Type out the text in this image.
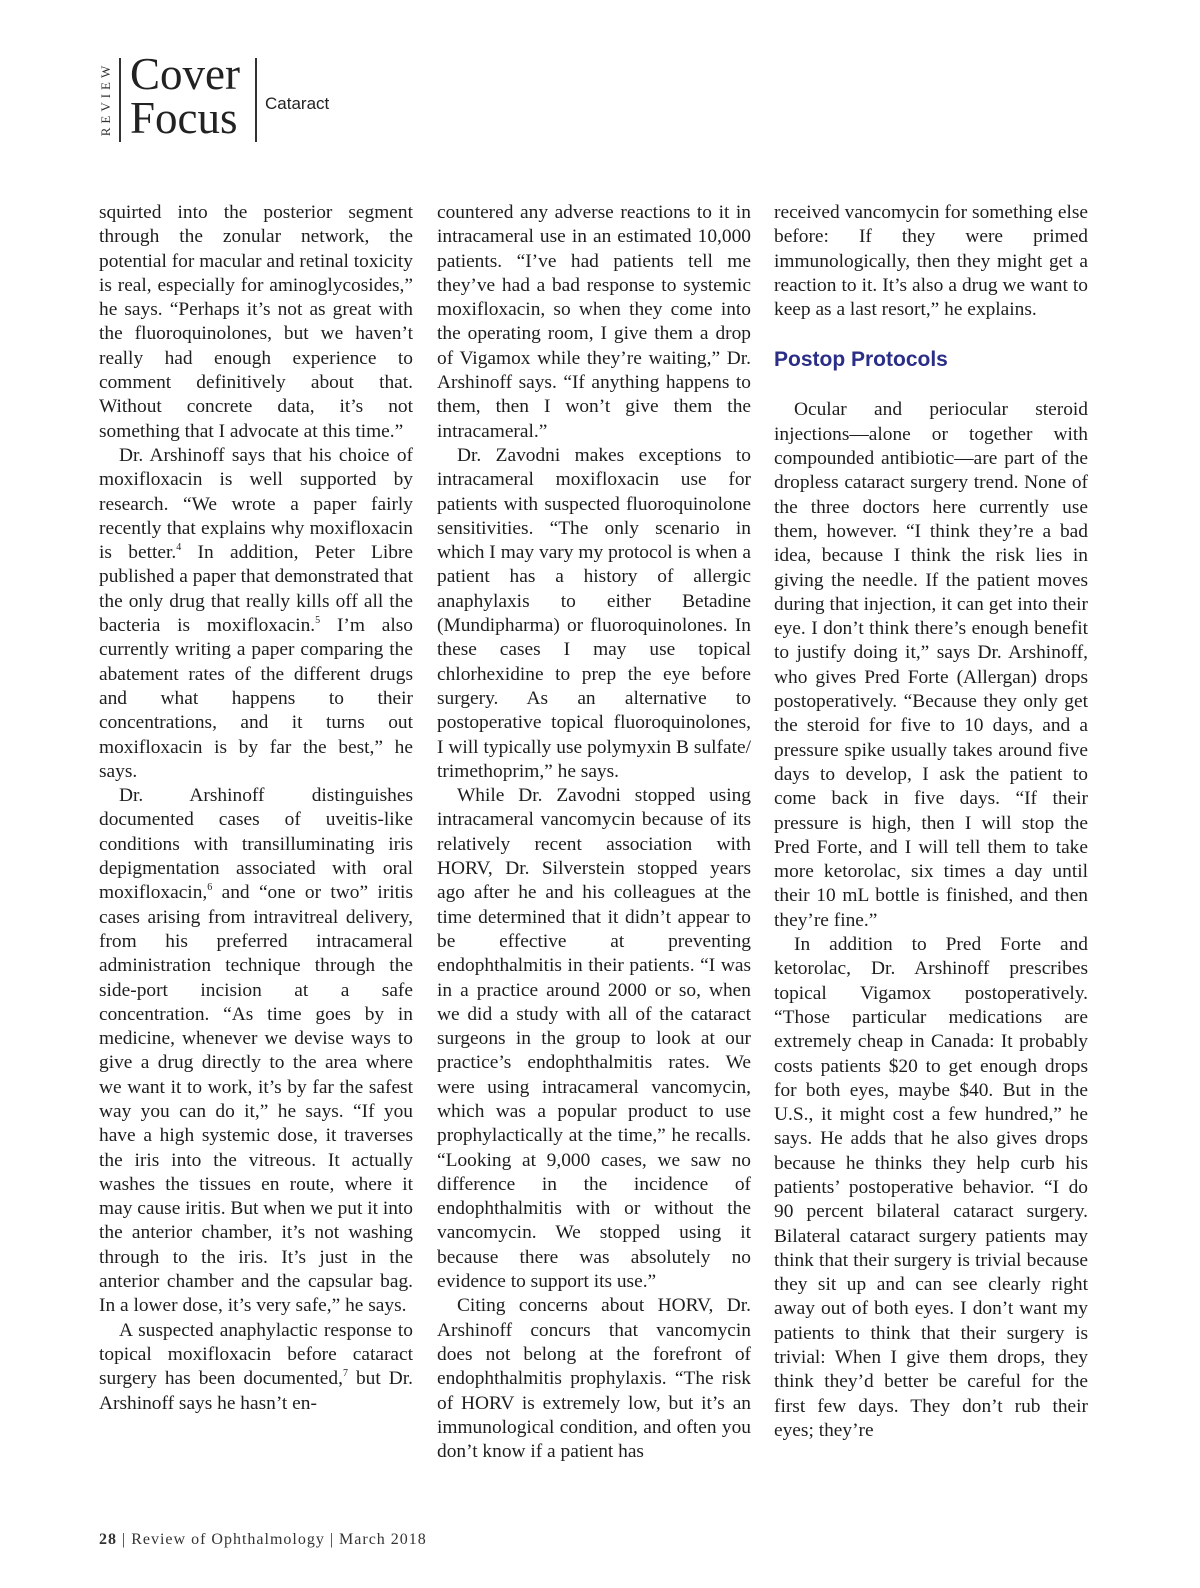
REVIEW Cover
Focus Cataract

squirted into the posterior segment through the zonular network, the potential for macular and retinal toxicity is real, especially for aminoglycosides,” he says. “Perhaps it’s not as great with the fluoroquinolones, but we haven’t really had enough experience to comment definitively about that. Without concrete data, it’s not something that I advocate at this time.”

Dr. Arshinoff says that his choice of moxifloxacin is well supported by research. “We wrote a paper fairly recently that explains why moxifloxacin is better.$^4$ In addition, Peter Libre published a paper that demonstrated that the only drug that really kills off all the bacteria is moxifloxacin.$^5$ I’m also currently writing a paper comparing the abatement rates of the different drugs and what happens to their concentrations, and it turns out moxifloxacin is by far the best,” he says.

Dr. Arshinoff distinguishes documented cases of uveitis-like conditions with transilluminating iris depigmentation associated with oral moxifloxacin,$^6$ and “one or two” iritis cases arising from intravitreal delivery, from his preferred intracameral administration technique through the side-port incision at a safe concentration. “As time goes by in medicine, whenever we devise ways to give a drug directly to the area where we want it to work, it’s by far the safest way you can do it,” he says. “If you have a high systemic dose, it traverses the iris into the vitreous. It actually washes the tissues en route, where it may cause iritis. But when we put it into the anterior chamber, it’s not washing through to the iris. It’s just in the anterior chamber and the capsular bag. In a lower dose, it’s very safe,” he says.

A suspected anaphylactic response to topical moxifloxacin before cataract surgery has been documented,$^7$ but Dr. Arshinoff says he hasn’t en-

countered any adverse reactions to it in intracameral use in an estimated 10,000 patients. “I’ve had patients tell me they’ve had a bad response to systemic moxifloxacin, so when they come into the operating room, I give them a drop of Vigamox while they’re waiting,” Dr. Arshinoff says. “If anything happens to them, then I won’t give them the intracameral.”

Dr. Zavodni makes exceptions to intracameral moxifloxacin use for patients with suspected fluoroquinolone sensitivities. “The only scenario in which I may vary my protocol is when a patient has a history of allergic anaphylaxis to either Betadine (Mundipharma) or fluoroquinolones. In these cases I may use topical chlorhexidine to prep the eye before surgery. As an alternative to postoperative topical fluoroquinolones, I will typically use polymyxin B sulfate/ trimethoprim,” he says.

While Dr. Zavodni stopped using intracameral vancomycin because of its relatively recent association with HORV, Dr. Silverstein stopped years ago after he and his colleagues at the time determined that it didn’t appear to be effective at preventing endophthalmitis in their patients. “I was in a practice around 2000 or so, when we did a study with all of the cataract surgeons in the group to look at our practice’s endophthalmitis rates. We were using intracameral vancomycin, which was a popular product to use prophylactically at the time,” he recalls. “Looking at 9,000 cases, we saw no difference in the incidence of endophthalmitis with or without the vancomycin. We stopped using it because there was absolutely no evidence to support its use.”

Citing concerns about HORV, Dr. Arshinoff concurs that vancomycin does not belong at the forefront of endophthalmitis prophylaxis. “The risk of HORV is extremely low, but it’s an immunological condition, and often you don’t know if a patient has

received vancomycin for something else before: If they were primed immunologically, then they might get a reaction to it. It’s also a drug we want to keep as a last resort,” he explains.

Postop Protocols

Ocular and periocular steroid injections—alone or together with compounded antibiotic—are part of the dropless cataract surgery trend. None of the three doctors here currently use them, however. “I think they’re a bad idea, because I think the risk lies in giving the needle. If the patient moves during that injection, it can get into their eye. I don’t think there’s enough benefit to justify doing it,” says Dr. Arshinoff, who gives Pred Forte (Allergan) drops postoperatively. “Because they only get the steroid for five to 10 days, and a pressure spike usually takes around five days to develop, I ask the patient to come back in five days. “If their pressure is high, then I will stop the Pred Forte, and I will tell them to take more ketorolac, six times a day until their 10 mL bottle is finished, and then they’re fine.”

In addition to Pred Forte and ketorolac, Dr. Arshinoff prescribes topical Vigamox postoperatively. “Those particular medications are extremely cheap in Canada: It probably costs patients $20 to get enough drops for both eyes, maybe $40. But in the U.S., it might cost a few hundred,” he says. He adds that he also gives drops because he thinks they help curb his patients’ postoperative behavior. “I do 90 percent bilateral cataract surgery. Bilateral cataract surgery patients may think that their surgery is trivial because they sit up and can see clearly right away out of both eyes. I don’t want my patients to think that their surgery is trivial: When I give them drops, they think they’d better be careful for the first few days. They don’t rub their eyes; they’re

28 | Review of Ophthalmology | March 2018
